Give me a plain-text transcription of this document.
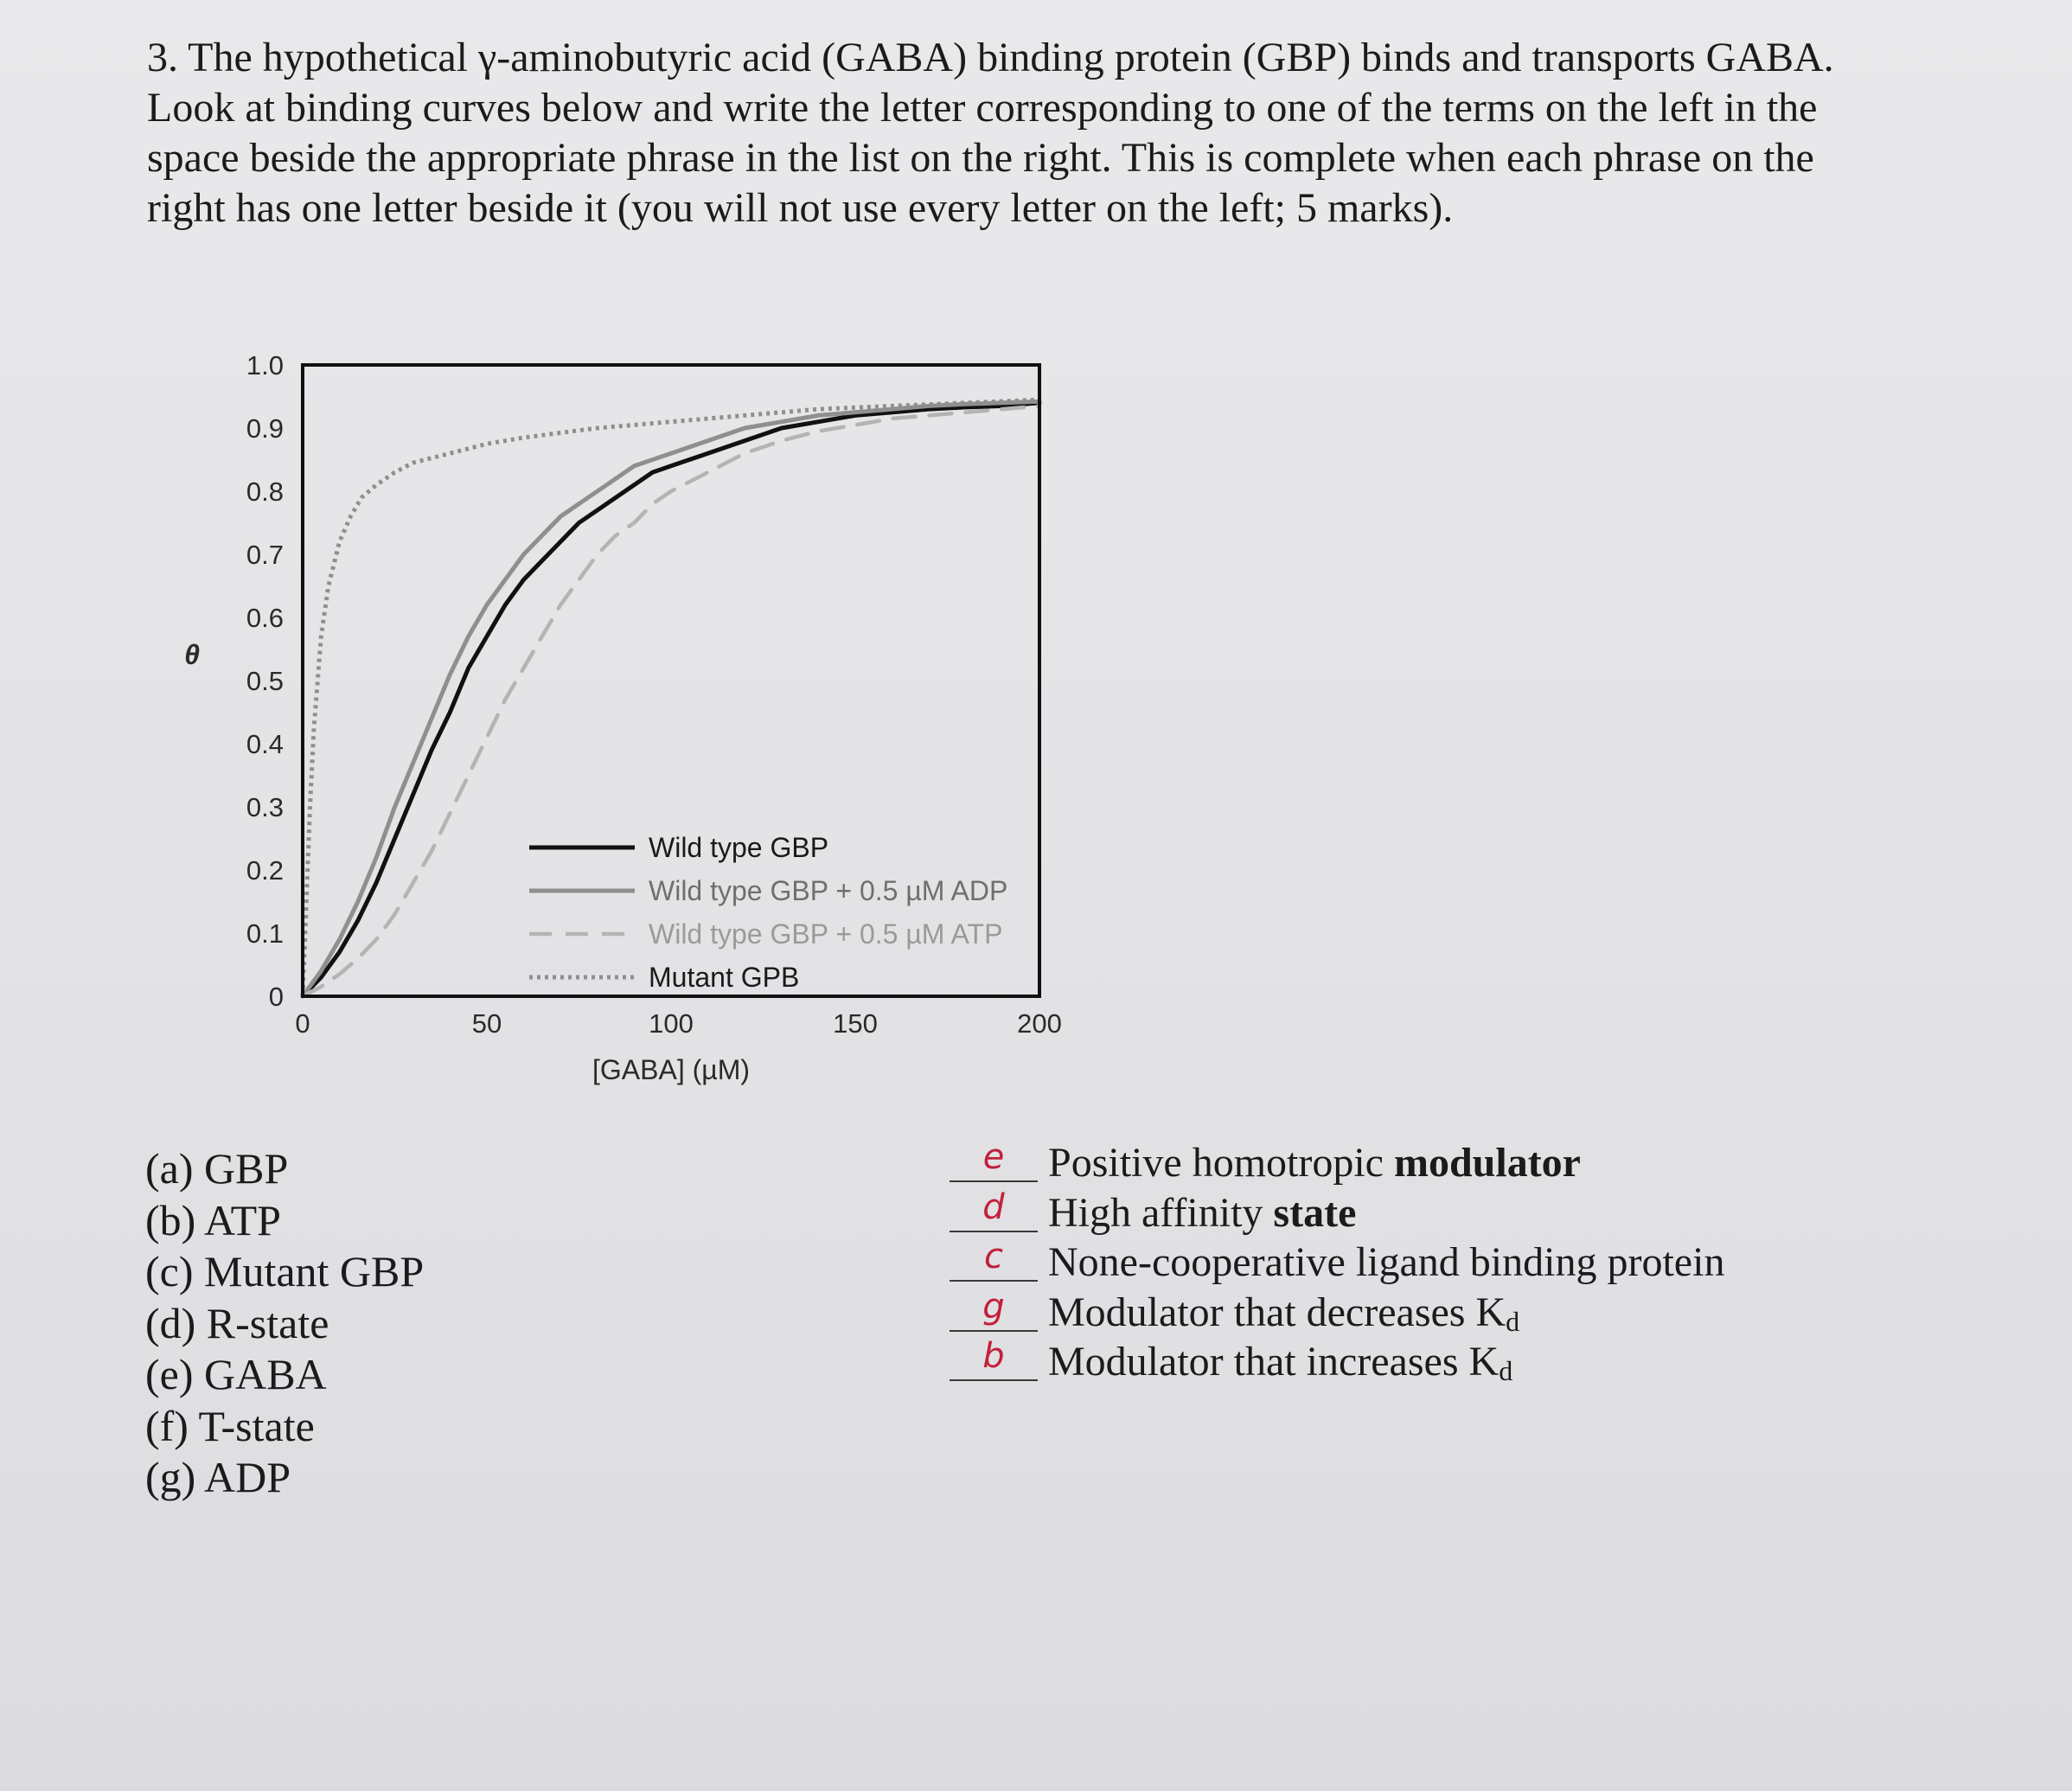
3. The hypothetical γ-aminobutyric acid (GABA) binding protein (GBP) binds and transports GABA. Look at binding curves below and write the letter corresponding to one of the terms on the left in the space beside the appropriate phrase in the list on the right. This is complete when each phrase on the right has one letter beside it (you will not use every letter on the left; 5 marks).

0
0.1
0.2
0.3
0.4
0.5
0.6
0.7
0.8
0.9
1.0
0	50	100	150	200
[GABA] (µM)
θ
Wild type GBP
Wild type GBP + 0.5 µM ADP
Wild type GBP + 0.5 µM ATP
Mutant GPB
(a) GBP
(b) ATP
(c) Mutant GBP
(d) R-state
(e) GABA
(f) T-state
(g) ADP
e	Positive homotropic modulator
d	High affinity state
c	None-cooperative ligand binding protein
g	Modulator that decreases $K_d$
b	Modulator that increases $K_d$
